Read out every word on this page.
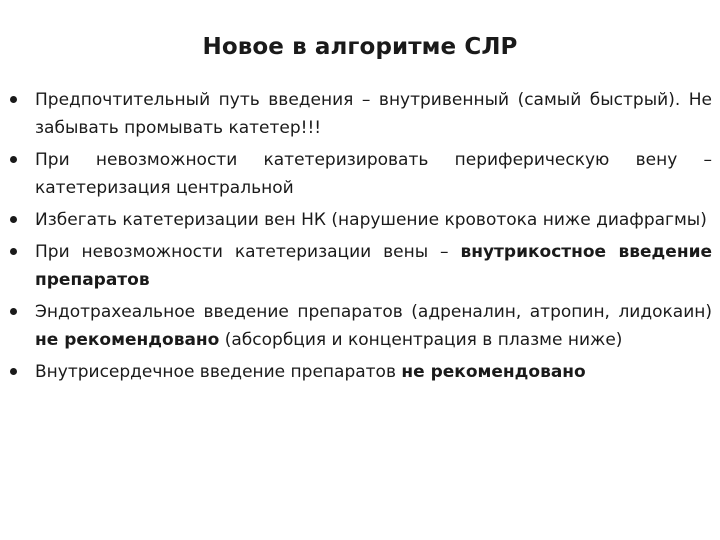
Новое в алгоритме СЛР
Предпочтительный путь введения – внутривенный (самый быстрый). Не забывать промывать катетер!!!
При невозможности катетеризировать периферическую вену – катетеризация центральной
Избегать катетеризации вен НК (нарушение кровотока ниже диафрагмы)
При невозможности катетеризации вены – внутрикостное введение препаратов
Эндотрахеальное введение препаратов (адреналин, атропин, лидокаин) не рекомендовано (абсорбция и концентрация в плазме ниже)
Внутрисердечное введение препаратов не рекомендовано
